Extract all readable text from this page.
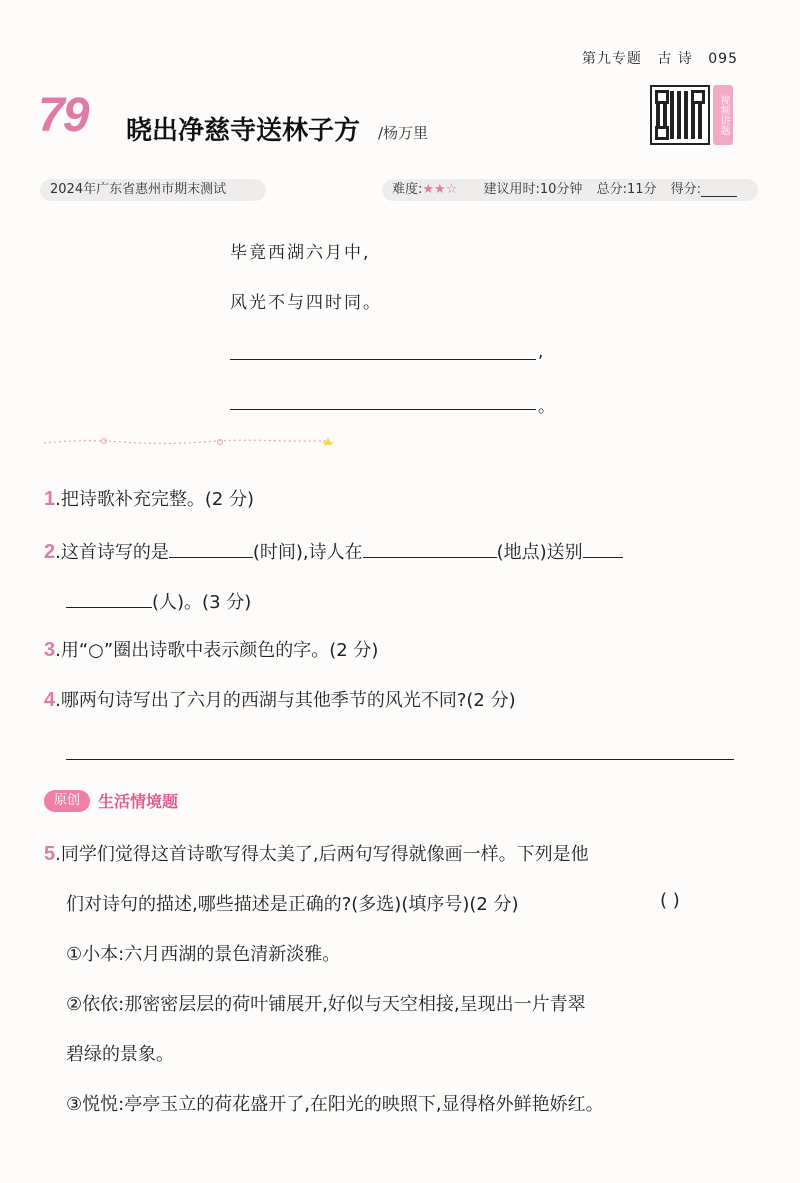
第九专题 古 诗 095
79 晓出净慈寺送林子方 /杨万里	视频讲题
2024年广东省惠州市期末测试	难度:★★☆ 建议用时:10分钟 总分:11分 得分:
毕竟西湖六月中,
风光不与四时同。
,
。
1.把诗歌补充完整。(2 分)
2.这首诗写的是	(时间),诗人在	(地点)送别
(人)。(3 分)
3.用“○”圈出诗歌中表示颜色的字。(2 分)
4.哪两句诗写出了六月的西湖与其他季节的风光不同?(2 分)
原创	生活情境题
5.同学们觉得这首诗歌写得太美了,后两句写得就像画一样。下列是他
们对诗句的描述,哪些描述是正确的?(多选)(填序号)(2 分)	( )
①小本:六月西湖的景色清新淡雅。
②依依:那密密层层的荷叶铺展开,好似与天空相接,呈现出一片青翠
碧绿的景象。
③悦悦:亭亭玉立的荷花盛开了,在阳光的映照下,显得格外鲜艳娇红。
